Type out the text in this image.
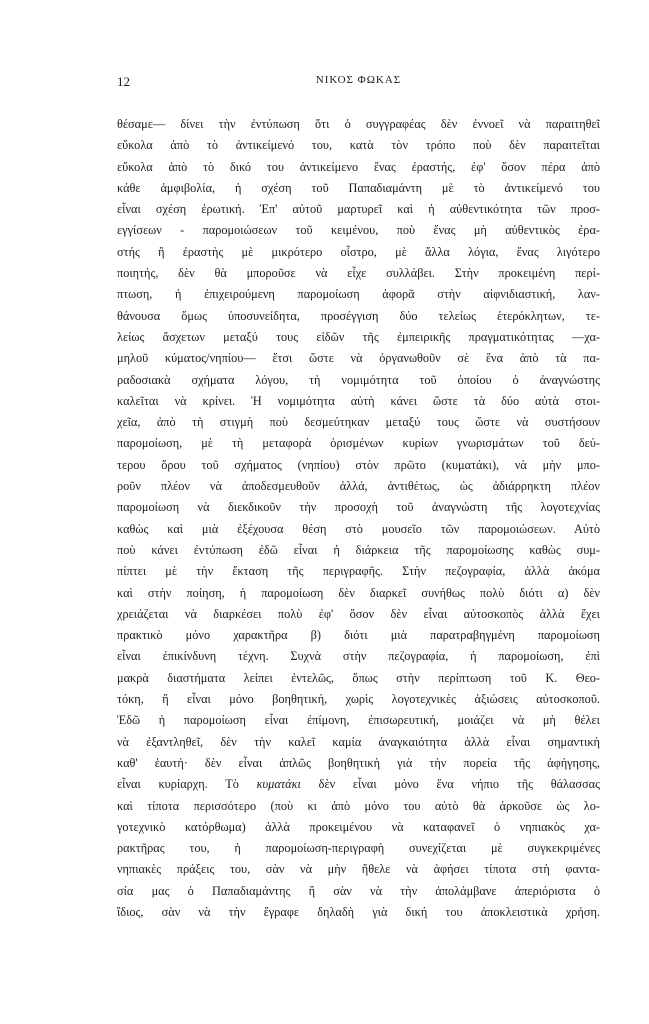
12	ΝΙΚΟΣ ΦΩΚΑΣ
θέσαμε— δίνει τὴν ἐντύπωση ὅτι ὁ συγγραφέας δὲν ἐννοεῖ νὰ παραιτηθεῖ
εὔκολα ἀπὸ τὸ ἀντικείμενό του, κατὰ τὸν τρόπο ποὺ δὲν παραιτεῖται
εὔκολα ἀπὸ τὸ δικό του ἀντικείμενο ἕνας ἐραστής, ἐφ' ὅσον πέρα ἀπὸ
κάθε ἀμφιβολία, ἡ σχέση τοῦ Παπαδιαμάντη μὲ τὸ ἀντικείμενό του
εἶναι σχέση ἐρωτική. Ἐπ' αὐτοῦ μαρτυρεῖ καὶ ἡ αὐθεντικότητα τῶν προσ-
εγγίσεων - παρομοιώσεων τοῦ κειμένου, ποὺ ἕνας μὴ αὐθεντικὸς ἐρα-
στής ἢ ἐραστὴς μὲ μικρότερο οἶστρο, μὲ ἄλλα λόγια, ἕνας λιγότερο
ποιητής, δὲν θὰ μποροῦσε νὰ εἶχε συλλάβει. Στὴν προκειμένη περί-
πτωση, ἡ ἐπιχειρούμενη παρομοίωση ἀφορᾶ στὴν αἰφνιδιαστική, λαν-
θάνουσα ὅμως ὑποσυνείδητα, προσέγγιση δύο τελείως ἑτερόκλητων, τε-
λείως ἄσχετων μεταξύ τους εἰδῶν τῆς ἐμπειρικῆς πραγματικότητας —χα-
μηλοῦ κύματος/νηπίου— ἔτσι ὥστε νὰ ὀργανωθοῦν σὲ ἕνα ἀπὸ τὰ πα-
ραδοσιακὰ σχήματα λόγου, τὴ νομιμότητα τοῦ ὁποίου ὁ ἀναγνώστης
καλεῖται νὰ κρίνει. Ἡ νομιμότητα αὐτὴ κάνει ὥστε τὰ δύο αὐτὰ στοι-
χεῖα, ἀπὸ τὴ στιγμὴ ποὺ δεσμεύτηκαν μεταξύ τους ὥστε νὰ συστήσουν
παρομοίωση, μὲ τὴ μεταφορὰ ὁρισμένων κυρίων γνωρισμάτων τοῦ δεύ-
τερου ὅρου τοῦ σχήματος (νηπίου) στὸν πρῶτο (κυματάκι), νὰ μὴν μπο-
ροῦν πλέον νὰ ἀποδεσμευθοῦν ἀλλά, ἀντιθέτως, ὡς ἀδιάρρηκτη πλέον
παρομοίωση νὰ διεκδικοῦν τὴν προσοχὴ τοῦ ἀναγνώστη τῆς λογοτεχνίας
καθὼς καὶ μιὰ ἐξέχουσα θέση στὸ μουσεῖο τῶν παρομοιώσεων. Αὐτὸ
ποὺ κάνει ἐντύπωση ἐδῶ εἶναι ἡ διάρκεια τῆς παρομοίωσης καθὼς συμ-
πίπτει μὲ τὴν ἔκταση τῆς περιγραφῆς. Στὴν πεζογραφία, ἀλλὰ ἀκόμα
καὶ στὴν ποίηση, ἡ παρομοίωση δὲν διαρκεῖ συνήθως πολὺ διότι α) δὲν
χρειάζεται νὰ διαρκέσει πολὺ ἐφ' ὅσον δὲν εἶναι αὐτοσκοπὸς ἀλλὰ ἔχει
πρακτικὸ μόνο χαρακτῆρα β) διότι μιὰ παρατραβηγμένη παρομοίωση
εἶναι ἐπικίνδυνη τέχνη. Συχνὰ στὴν πεζογραφία, ἡ παρομοίωση, ἐπὶ
μακρὰ διαστήματα λείπει ἐντελῶς, ὅπως στὴν περίπτωση τοῦ Κ. Θεο-
τόκη, ἢ εἶναι μόνο βοηθητική, χωρὶς λογοτεχνικὲς ἀξιώσεις αὐτοσκοποῦ.
Ἐδῶ ἡ παρομοίωση εἶναι ἐπίμονη, ἐπισωρευτική, μοιάζει νὰ μὴ θέλει
νὰ ἐξαντληθεῖ, δὲν τὴν καλεῖ καμία ἀναγκαιότητα ἀλλὰ εἶναι σημαντικὴ
καθ' ἑαυτή· δὲν εἶναι ἁπλῶς βοηθητικὴ γιὰ τὴν πορεία τῆς ἀφήγησης,
εἶναι κυρίαρχη. Τὸ κυματάκι δὲν εἶναι μόνο ἕνα νήπιο τῆς θάλασσας
καὶ τίποτα περισσότερο (ποὺ κι ἀπὸ μόνο του αὐτὸ θὰ ἀρκοῦσε ὡς λο-
γοτεχνικὸ κατόρθωμα) ἀλλὰ προκειμένου νὰ καταφανεῖ ὁ νηπιακὸς χα-
ρακτῆρας του, ἡ παρομοίωση-περιγραφὴ συνεχίζεται μὲ συγκεκριμένες
νηπιακὲς πράξεις του, σὰν νὰ μὴν ἤθελε νὰ ἀφήσει τίποτα στὴ φαντα-
σία μας ὁ Παπαδιαμάντης ἢ σὰν νὰ τὴν ἀπολάμβανε ἀπεριόριστα ὁ
ἴδιος, σὰν νὰ τὴν ἔγραφε δηλαδὴ γιὰ δική του ἀποκλειστικὰ χρήση.
